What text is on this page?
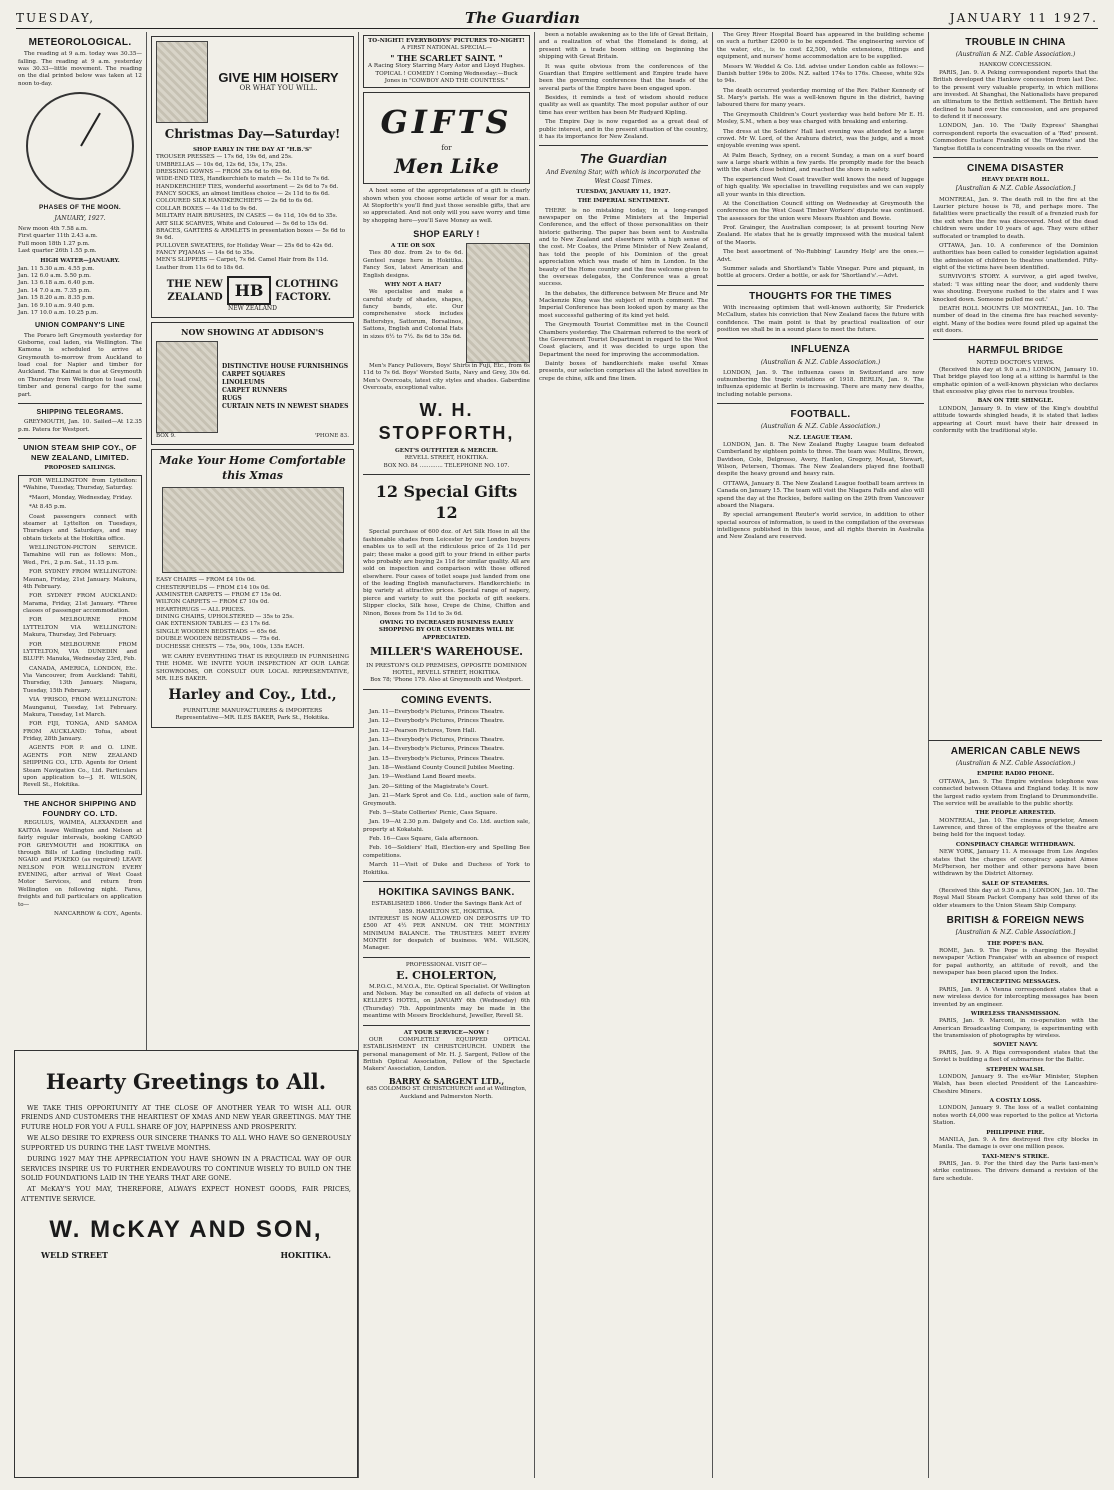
TUESDAY,	The Guardian	JANUARY 11 1927.
METEOROLOGICAL.

The reading at 9 a.m. today was 30.35—falling. The reading at 9 a.m. yesterday was 30.33—little movement. The reading on the dial printed below was taken at 12 noon to-day.

PHASES OF THE MOON.
JANUARY, 1927.
New moon 4th 7.58 a.m.
First quarter 11th 2.43 a.m.
Full moon 18th 1.27 p.m.
Last quarter 26th 1.55 p.m.
HIGH WATER—JANUARY.
Jan. 11 5.30 a.m. 4.55 p.m.
Jan. 12 6.0 a.m. 5.50 p.m.
Jan. 13 6.18 a.m. 6.40 p.m.
Jan. 14 7.0 a.m. 7.35 p.m.
Jan. 15 8.20 a.m. 8.35 p.m.
Jan. 16 9.10 a.m. 9.40 p.m.
Jan. 17 10.0 a.m. 10.25 p.m.
UNION COMPANY'S LINE

The Poraro left Greymouth yesterday for Gisborne, coal laden, via Wellington. The Kamona is scheduled to arrive at Greymouth to-morrow from Auckland to load coal for Napier and timber for Auckland. The Kaimai is due at Greymouth on Thursday from Wellington to load coal, timber and general cargo for the same part.

SHIPPING TELEGRAMS.

GREYMOUTH, Jan. 10. Sailed—At 12.35 p.m. Patera for Westport.

UNION STEAM SHIP COY., OF NEW ZEALAND, LIMITED.
PROPOSED SAILINGS.

FOR WELLINGTON from Lyttelton: *Wahine, Tuesday, Thursday, Saturday.

*Maori, Monday, Wednesday, Friday.

*At 8.45 p.m.

Coast passengers connect with steamer at Lyttelton on Tuesdays, Thursdays and Saturdays, and may obtain tickets at the Hokitika office.

WELLINGTON-PICTON SERVICE. Tamahine will run as follows: Mon., Wed., Fri., 2 p.m. Sat., 11.15 p.m.

FOR SYDNEY FROM WELLINGTON: Maunan, Friday, 21st January. Makura, 4th February.

FOR SYDNEY FROM AUCKLAND: Marama, Friday, 21st January. *Three classes of passenger accommodation.

FOR MELBOURNE FROM LYTTELTON VIA WELLINGTON: Makura, Thursday, 3rd February.

FOR MELBOURNE FROM LYTTELTON, VIA DUNEDIN and BLUFF: Manuka, Wednesday 23rd, Feb.

CANADA, AMERICA, LONDON, Etc. Via Vancouver, from Auckland: Tahiti, Thursday, 13th January. Niagara, Tuesday, 15th February.

VIA 'FRISCO, FROM WELLINGTON: Maunganui, Tuesday, 1st February. Makura, Tuesday, 1st March.

FOR FIJI, TONGA, AND SAMOA FROM AUCKLAND: Tofua, about Friday, 28th January.

AGENTS FOR P. and O. LINE. AGENTS FOR NEW ZEALAND SHIPPING CO., LTD. Agents for Orient Steam Navigation Co., Ltd. Particulars upon application to—J. H. WILSON, Revell St., Hokitika.

THE ANCHOR SHIPPING AND FOUNDRY CO. LTD.

REGULUS, WAIMEA, ALEXANDER and KAITOA leave Wellington and Nelson at fairly regular intervals, booking CARGO FOR GREYMOUTH and HOKITIKA on through Bills of Lading (including rail). NGAIO and PUKEKO (as required) LEAVE NELSON FOR WELLINGTON EVERY EVENING, after arrival of West Coast Motor Services, and return from Wellington on following night. Fares, freights and full particulars on application to—

NANCARROW & COY., Agents.
GIVE HIM HOISERY
OR WHAT YOU WILL.
Christmas Day—Saturday!
SHOP EARLY IN THE DAY AT "H.B.'S"
TROUSER PRESSES — 17s 6d, 19s 6d, and 25s.
UMBRELLAS — 10s 6d, 12s 6d, 15s, 17s, 25s.
DRESSING GOWNS — FROM 35s 6d to 69s 6d.
WIDE-END TIES, Handkerchiefs to match — 5s 11d to 7s 6d.
HANDKERCHIEF TIES, wonderful assortment — 2s 6d to 7s 6d.
FANCY SOCKS, an almost limitless choice — 2s 11d to 6s 6d.
COLOURED SILK HANDKERCHIEFS — 2s 6d to 6s 6d.
COLLAR BOXES — 4s 11d to 9s 6d.
MILITARY HAIR BRUSHES, IN CASES — 6s 11d, 10s 6d to 35s.
ART SILK SCARVES, White and Coloured — 5s 6d to 15s 6d.
BRACES, GARTERS & ARMLETS in presentation boxes — 5s 6d to 9s 6d.
PULLOVER SWEATERS, for Holiday Wear — 25s 6d to 42s 6d.
FANCY PYJAMAS — 14s 6d to 35s.
MEN'S SLIPPERS — Carpet, 7s 6d. Camel Hair from 8s 11d. Leather from 11s 6d to 18s 6d.
THE NEW
ZEALAND HB	CLOTHING
FACTORY.
NEW ZEALAND
NOW SHOWING AT ADDISON'S
DISTINCTIVE HOUSE FURNISHINGS
CARPET SQUARES
LINOLEUMS
CARPET RUNNERS
RUGS
CURTAIN NETS IN NEWEST SHADES
BOX 9.	'PHONE 83.
Make Your Home Comfortable this Xmas
EASY CHAIRS — FROM £4 10s 0d.
CHESTERFIELDS — FROM £14 10s 0d.
AXMINSTER CARPETS — FROM £7 15s 0d.
WILTON CARPETS — FROM £7 10s 0d.
HEARTHRUGS — ALL PRICES.
DINING CHAIRS, UPHOLSTERED — 35s to 25s.
OAK EXTENSION TABLES — £3 17s 6d.
SINGLE WOODEN BEDSTEADS — 65s 6d.
DOUBLE WOODEN BEDSTEADS — 75s 6d.
DUCHESSE CHESTS — 75s, 90s, 100s, 135s EACH.

WE CARRY EVERYTHING THAT IS REQUIRED IN FURNISHING THE HOME. WE INVITE YOUR INSPECTION AT OUR LARGE SHOWROOMS, OR CONSULT OUR LOCAL REPRESENTATIVE, MR. ILES BAKER.

Harley and Coy., Ltd.,
FURNITURE MANUFACTURERS & IMPORTERS
Representative—MR. ILES BAKER, Park St., Hokitika.
TO-NIGHT! EVERYBODYS' PICTURES TO-NIGHT!
A FIRST NATIONAL SPECIAL—
" THE SCARLET SAINT. "
A Racing Story Starring Mary Astor and Lloyd Hughes. TOPICAL ! COMEDY ! Coming Wednesday:—Buck Jones in "COWBOY AND THE COUNTESS."
GIFTS
for
Men Like

A host some of the appropriateness of a gift is clearly shown when you choose some article of wear for a man. At Stopforth's you'll find just those sensible gifts, that are so appreciated. And not only will you save worry and time by shopping here—you'll Save Money as well.

SHOP EARLY !
A TIE OR SOX

Ties 80 doz. from 2s to 6s 6d. Genteel range here in Hokitika. Fancy Sox, latest American and English designs.

WHY NOT A HAT?

We specialise and make a careful study of shades, shapes, fancy bands, etc. Our comprehensive stock includes Battersbys, Sattorum, Borsalinos, Sattons, English and Colonial Hats in sizes 6½ to 7½. 8s 6d to 35s 6d.

Men's Fancy Pullovers, Boys' Shirts in Fuji, Etc., from 6s 11d to 7s 6d. Boys' Worsted Suits, Navy and Grey, 30s 6d. Men's Overcoats, latest city styles and shades. Gaberdine Overcoats, exceptional value.

W. H. STOPFORTH,
GENT'S OUTFITTER & MERCER.
REVELL STREET, HOKITIKA.
BOX NO. 84 ............. TELEPHONE NO. 107.
12 Special Gifts 12

Special purchase of 600 doz. of Art Silk Hose in all the fashionable shades from Leicester by our London buyers enables us to sell at the ridiculous price of 2s 11d per pair; these make a good gift to your friend in either parts who probably are buying 2s 11d for similar quality. All are sold on inspection and comparison with those offered elsewhere. Four cases of toilet soaps just landed from one of the leading English manufacturers. Handkerchiefs: in big variety at attractive prices. Special range of napery, pierce and variety to suit the pockets of gift seekers. Slipper clocks, Silk hose, Crepe de Chine, Chiffon and Ninon, Boxes from 5s 11d to 3s 6d.

OWING TO INCREASED BUSINESS EARLY SHOPPING BY OUR CUSTOMERS WILL BE APPRECIATED.
MILLER'S WAREHOUSE.
IN PRESTON'S OLD PREMISES, OPPOSITE DOMINION HOTEL, REVELL STREET, HOKITIKA.
Box 78; 'Phone 179. Also at Greymouth and Westport.
COMING EVENTS.

Jan. 11—Everybody's Pictures, Princes Theatre.

Jan. 12—Everybody's Pictures, Princes Theatre.

Jan. 12—Pearson Pictures, Town Hall.

Jan. 13—Everybody's Pictures, Princes Theatre.

Jan. 14—Everybody's Pictures, Princes Theatre.

Jan. 15—Everybody's Pictures, Princes Theatre.

Jan. 18—Westland County Council Jubilee Meeting.

Jan. 19—Westland Land Board meets.

Jan. 20—Sitting of the Magistrate's Court.

Jan. 21—Mark Sprot and Co. Ltd., auction sale of farm, Greymouth.

Feb. 5—State Collieries' Picnic, Cass Square.

Jan. 19—At 2.30 p.m. Dalgety and Co. Ltd. auction sale, property at Kokatahi.

Feb. 16—Cass Square, Gala afternoon.

Feb. 16—Soldiers' Hall, Election-ery and Spelling Bee competitions.

March 11—Visit of Duke and Duchess of York to Hokitika.

HOKITIKA SAVINGS BANK.
ESTABLISHED 1866. Under the Savings Bank Act of 1859. HAMILTON ST., HOKITIKA.

INTEREST IS NOW ALLOWED ON DEPOSITS UP TO £500 AT 4½ PER ANNUM. ON THE MONTHLY MINIMUM BALANCE. The TRUSTEES MEET EVERY MONTH for despatch of business. WM. WILSON, Manager.

PROFESSIONAL VISIT OF—
E. CHOLERTON,

M.P.O.C., M.V.O.A., Etc. Optical Specialist. Of Wellington and Nelson. May be consulted on all defects of vision at KELLER'S HOTEL, on JANUARY 6th (Wednesday) 6th (Thursday) 7th. Appointments may be made in the meantime with Messrs Brocklehurst, Jeweller, Revell St.

AT YOUR SERVICE—NOW !

OUR COMPLETELY EQUIPPED OPTICAL ESTABLISHMENT IN CHRISTCHURCH. UNDER the personal management of Mr. H. J. Sargent, Fellow of the British Optical Association, Fellow of the Spectacle Makers' Association, London.

BARRY & SARGENT LTD.,
685 COLOMBO ST. CHRISTCHURCH and at Wellington, Auckland and Palmerston North.

been a notable awakening as to the life of Great Britain, and a realization of what the Homeland is doing, at present with a trade boom sitting on beginning the shipping with Great Britain.

It was quite obvious from the conferences of the Guardian that Empire settlement and Empire trade have been the governing conferences that the heads of the several parts of the Empire have been engaged upon.

Besides, it reminds a test of wisdom should reduce quality as well as quantity. The most popular author of our time has ever written has been Mr Rudyard Kipling.

The Empire Day is now regarded as a great deal of public interest, and in the present situation of the country, it has its importance for New Zealand.

The Guardian
And Evening Star, with which is incorporated the West Coast Times.
TUESDAY, JANUARY 11, 1927.
THE IMPERIAL SENTIMENT.

THERE is no mistaking today, in a long-ranged newspaper on the Prime Ministers at the Imperial Conference, and the effect of those personalities on their historic gathering. The paper has been sent to Australia and to New Zealand and elsewhere with a high sense of the cost. Mr Coates, the Prime Minister of New Zealand, has told the people of his Dominion of the great appreciation which was made of him in London. In the beauty of the Home country and the fine welcome given to the overseas delegates, the Conference was a great success.

In the debates, the difference between Mr Bruce and Mr Mackenzie King was the subject of much comment. The Imperial Conference has been looked upon by many as the most successful gathering of its kind yet held.

The Greymouth Tourist Committee met in the Council Chambers yesterday. The Chairman referred to the work of the Government Tourist Department in regard to the West Coast glaciers, and it was decided to urge upon the Department the need for improving the accommodation.

Dainty boxes of handkerchiefs make useful Xmas presents, our selection comprises all the latest novelties in crepe de chine, silk and fine linen.

The Grey River Hospital Board has appeared in the building scheme on such a further £2000 is to be expended. The engineering service of the water, etc., is to cost £2,500, while extensions, fittings and equipment, and nurses' home accommodation are to be supplied.

Messrs W. Weddel & Co. Ltd. advise under London cable as follows:—Danish butter 196s to 200s. N.Z. salted 174s to 176s. Cheese, white 92s to 94s.

The death occurred yesterday morning of the Rev. Father Kennedy of St. Mary's parish. He was a well-known figure in the district, having laboured there for many years.

The Greymouth Children's Court yesterday was held before Mr E. H. Mosley, S.M., when a boy was charged with breaking and entering.

The dress at the Soldiers' Hall last evening was attended by a large crowd. Mr W. Lord, of the Arahura district, was the judge, and a most enjoyable evening was spent.

At Palm Beach, Sydney, on a recent Sunday, a man on a surf board saw a large shark within a few yards. He promptly made for the beach with the shark close behind, and reached the shore in safety.

The experienced West Coast traveller well knows the need of luggage of high quality. We specialise in travelling requisites and we can supply all your wants in this direction.

At the Conciliation Council sitting on Wednesday at Greymouth the conference on the West Coast Timber Workers' dispute was continued. The assessors for the union were Messrs Rushton and Bowie.

Prof. Grainger, the Australian composer, is at present touring New Zealand. He states that he is greatly impressed with the musical talent of the Maoris.

The best assortment of 'No-Rubbing' Laundry Help' are the ones.—Advt.

Summer salads and Shortland's Table Vinegar. Pure and piquant, in bottle at grocers. Order a bottle, or ask for 'Shortland's'.—Advt.

THOUGHTS FOR THE TIMES

With increasing optimism that well-known authority, Sir Frederick McCallum, states his conviction that New Zealand faces the future with confidence. The main point is that by practical realization of our position we shall be in a sound place to meet the future.

INFLUENZA
(Australian & N.Z. Cable Association.)

LONDON, Jan. 9. The influenza cases in Switzerland are now outnumbering the tragic visitations of 1918. BERLIN, Jan. 9. The influenza epidemic at Berlin is increasing. There are many new deaths, including notable persons.

FOOTBALL.
(Australian & N.Z. Cable Association.)
N.Z. LEAGUE TEAM.

LONDON, Jan. 8. The New Zealand Rugby League team defeated Cumberland by eighteen points to three. The team was: Mullins, Brown, Davidson, Cole, Delgrosso, Avery, Hanlon, Gregory, Mouat, Stewart, Wilson, Petersen, Thomas. The New Zealanders played fine football despite the heavy ground and heavy rain.

OTTAWA, January 8. The New Zealand League football team arrives in Canada on January 15. The team will visit the Niagara Falls and also will spend the day at the Rockies, before sailing on the 29th from Vancouver aboard the Niagara.

By special arrangement Reuter's world service, in addition to other special sources of information, is used in the compilation of the overseas intelligence published in this issue, and all rights therein in Australia and New Zealand are reserved.

TROUBLE IN CHINA
(Australian & N.Z. Cable Association.)
HANKOW CONCESSION.

PARIS, Jan. 9. A Peking correspondent reports that the British developed the Hankow concession from last Dec. to the present very valuable property, in which millions are invested. At Shanghai, the Nationalists have prepared an ultimatum to the British settlement. The British have declined to hand over the concession, and are prepared to defend it if necessary.

LONDON, Jan. 10. The 'Daily Express' Shanghai correspondent reports the evacuation of a 'Red' present. Commodore Eustace Franklin of the 'Hawkins' and the Yangtse flotilla is concentrating vessels on the river.

CINEMA DISASTER
HEAVY DEATH ROLL.
[Australian & N.Z. Cable Association.]

MONTREAL, Jan. 9. The death roll in the fire at the Laurier picture house is 78, and perhaps more. The fatalities were practically the result of a frenzied rush for the exit when the fire was discovered. Most of the dead children were under 10 years of age. They were either suffocated or trampled to death.

OTTAWA, Jan. 10. A conference of the Dominion authorities has been called to consider legislation against the admission of children to theatres unattended. Fifty-eight of the victims have been identified.

SURVIVOR'S STORY. A survivor, a girl aged twelve, stated: 'I was sitting near the door, and suddenly there was shouting. Everyone rushed to the stairs and I was knocked down. Someone pulled me out.'

DEATH ROLL MOUNTS UP. MONTREAL, Jan. 10. The number of dead in the cinema fire has reached seventy-eight. Many of the bodies were found piled up against the exit doors.

HARMFUL BRIDGE
NOTED DOCTOR'S VIEWS.

(Received this day at 9.0 a.m.) LONDON, January 10. That bridge played too long at a sitting is harmful is the emphatic opinion of a well-known physician who declares that excessive play gives rise to nervous troubles.

BAN ON THE SHINGLE.

LONDON, January 9. In view of the King's doubtful attitude towards shingled heads, it is stated that ladies appearing at Court must have their hair dressed in conformity with the traditional style.

Hearty Greetings to All.

WE TAKE THIS OPPORTUNITY AT THE CLOSE OF ANOTHER YEAR TO WISH ALL OUR FRIENDS AND CUSTOMERS THE HEARTIEST OF XMAS AND NEW YEAR GREETINGS. MAY THE FUTURE HOLD FOR YOU A FULL SHARE OF JOY, HAPPINESS AND PROSPERITY.

WE ALSO DESIRE TO EXPRESS OUR SINCERE THANKS TO ALL WHO HAVE SO GENEROUSLY SUPPORTED US DURING THE LAST TWELVE MONTHS.

DURING 1927 MAY THE APPRECIATION YOU HAVE SHOWN IN A PRACTICAL WAY OF OUR SERVICES INSPIRE US TO FURTHER ENDEAVOURS TO CONTINUE WISELY TO BUILD ON THE SOLID FOUNDATIONS LAID IN THE YEARS THAT ARE GONE.

AT McKAY'S YOU MAY, THEREFORE, ALWAYS EXPECT HONEST GOODS, FAIR PRICES, ATTENTIVE SERVICE.

W. McKAY AND SON,
WELD STREET	HOKITIKA.
AMERICAN CABLE NEWS
(Australian & N.Z. Cable Association.)
EMPIRE RADIO PHONE.

OTTAWA, Jan. 9. The Empire wireless telephone was connected between Ottawa and England today. It is now the largest radio system from England to Drummondville. The service will be available to the public shortly.

THE PEOPLE ARRESTED.

MONTREAL, Jan. 10. The cinema proprietor, Ameen Lawrence, and three of the employees of the theatre are being held for the inquest today.

CONSPIRACY CHARGE WITHDRAWN.

NEW YORK, January 11. A message from Los Angeles states that the charges of conspiracy against Aimee McPherson, her mother and other persons have been withdrawn by the District Attorney.

SALE OF STEAMERS.

(Received this day at 9.30 a.m.) LONDON, Jan. 10. The Royal Mail Steam Packet Company has sold three of its older steamers to the Union Steam Ship Company.

BRITISH & FOREIGN NEWS
[Australian & N.Z. Cable Association.]
THE POPE'S BAN.

ROME, Jan. 9. The Pope is charging the Royalist newspaper 'Action Française' with an absence of respect for papal authority, an attitude of revolt, and the newspaper has been placed upon the Index.

INTERCEPTING MESSAGES.

PARIS, Jan. 9. A Vienna correspondent states that a new wireless device for intercepting messages has been invented by an engineer.

WIRELESS TRANSMISSION.

PARIS, Jan. 9. Marconi, in co-operation with the American Broadcasting Company, is experimenting with the transmission of photographs by wireless.

SOVIET NAVY.

PARIS, Jan. 9. A Riga correspondent states that the Soviet is building a fleet of submarines for the Baltic.

STEPHEN WALSH.

LONDON, January 9. The ex-War Minister, Stephen Walsh, has been elected President of the Lancashire-Cheshire Miners.

A COSTLY LOSS.

LONDON, January 9. The loss of a wallet containing notes worth £4,000 was reported to the police at Victoria Station.

PHILIPPINE FIRE.

MANILA, Jan. 9. A fire destroyed five city blocks in Manila. The damage is over one million pesos.

TAXI-MEN'S STRIKE.

PARIS, Jan. 9. For the third day the Paris taxi-men's strike continues. The drivers demand a revision of the fare schedule.
